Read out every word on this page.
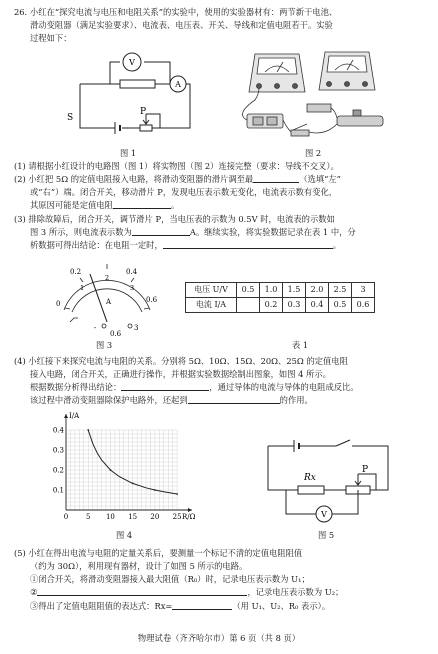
26. 小红在“探究电流与电压和电阻关系”的实验中，使用的实验器材有：两节新干电池、
滑动变阻器（满足实验要求）、电流表、电压表、开关、导线和定值电阻若干。实验
过程如下：
V
A
S
P
图 1	图 2
(1) 请根据小红设计的电路图（图 1）将实物图（图 2）连接完整（要求：导线不交叉）。
(2) 小红把 5Ω 的定值电阻接入电路，将滑动变阻器的滑片调至最	（选填“左”
或“右”）端。闭合开关，移动滑片 P，发现电压表示数无变化，电流表示数有变化，
其原因可能是定值电阻	。
(3) 排除故障后，闭合开关，调节滑片 P，当电压表的示数为 0.5V 时，电流表的示数如
图 3 所示，则电流表示数为	A。继续实验，将实验数据记录在表 1 中，分
析数据可得出结论：在电阻一定时，	。
0
0.2	0.4
0.6
1
2
3
A
-
0.6
3
图 3
电压 U/V	0.5	1.0	1.5	2.0	2.5	3
电流 I/A		0.2	0.3	0.4	0.5	0.6
表 1
(4) 小红接下来探究电流与电阻的关系。分别将 5Ω、10Ω、15Ω、20Ω、25Ω 的定值电阻
接入电路，闭合开关，正确进行操作，并根据实验数据绘制出图象，如图 4 所示。
根据数据分析得出结论：	，通过导体的电流与导体的电阻成反比。
该过程中滑动变阻器除保护电路外，还起到	的作用。
0	5 10 15 20 25
0.1
0.2
0.3
0.4
I/A
R/Ω
图 4
V
Rx
P
图 5
(5) 小红在得出电流与电阻的定量关系后，要测量一个标记不清的定值电阻阻值
（约为 30Ω），利用现有器材，设计了如图 5 所示的电路。
①闭合开关，将滑动变阻器接入最大阻值（R₀）时，记录电压表示数为 U₁；
②	，记录电压表示数为 U₂；
③得出了定值电阻阻值的表达式：Rx=	（用 U₁、U₂、R₀ 表示）。
物理试卷（齐齐哈尔市）第 6 页（共 8 页）
